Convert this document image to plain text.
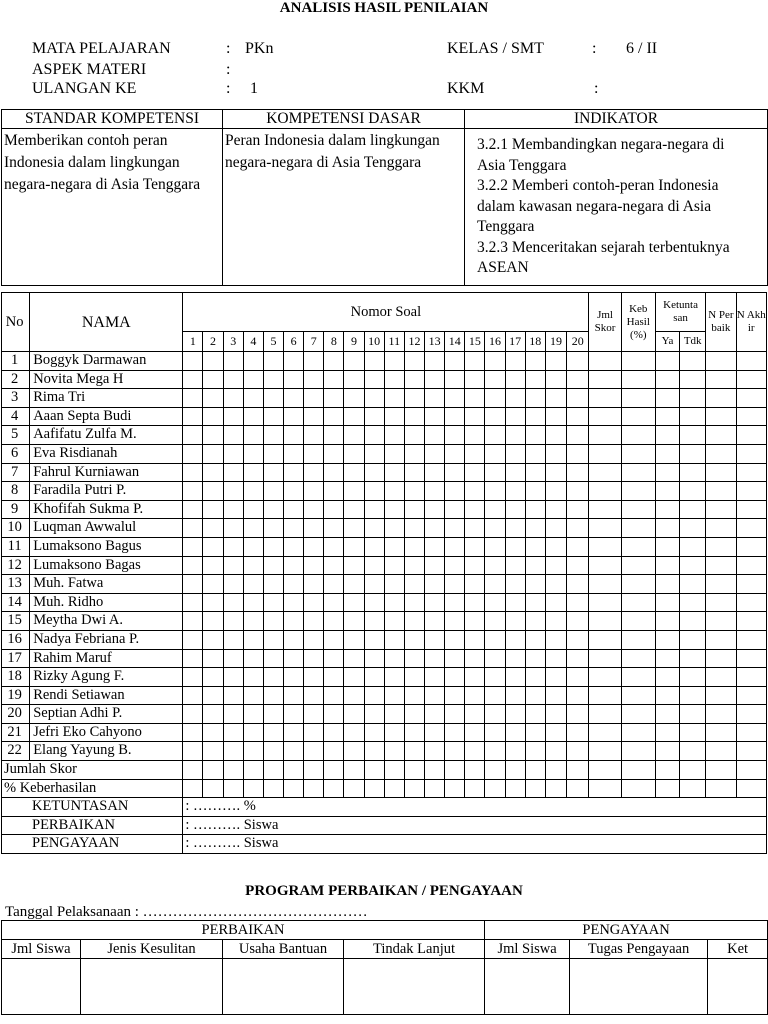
ANALISIS HASIL PENILAIAN
MATA PELAJARAN	: PKn	KELAS / SMT	: 6 / II
ASPEK MATERI	:
ULANGAN KE	: 1	KKM	:
STANDAR KOMPETENSI	KOMPETENSI DASAR	INDIKATOR

Memberikan contoh peran Indonesia dalam lingkungan negara-negara di Asia Tenggara	Peran Indonesia dalam lingkungan negara-negara di Asia Tenggara	3.2.1 Membandingkan negara-negara di Asia Tenggara
3.2.2 Memberi contoh-peran Indonesia dalam kawasan negara-negara di Asia Tenggara
3.2.3 Menceritakan sejarah terbentuknya ASEAN
No	NAMA	Nomor Soal																				Jml Skor	Keb Hasil (%)	Ketunta san		N Per baik	N Akh ir
		1	2	3	4	5	6	7	8	9	10	11	12	13	14	15	16	17	18	19	20			Ya	Tdk		
1	Boggyk Darmawan																										
2	Novita Mega H																										
3	Rima Tri																										
4	Aaan Septa Budi																										
5	Aafifatu Zulfa M.																										
6	Eva Risdianah																										
7	Fahrul Kurniawan																										
8	Faradila Putri P.																										
9	Khofifah Sukma P.																										
10	Luqman Awwalul																										
11	Lumaksono Bagus																										
12	Lumaksono Bagas																										
13	Muh. Fatwa																										
14	Muh. Ridho																										
15	Meytha Dwi A.																										
16	Nadya Febriana P.																										
17	Rahim Maruf																										
18	Rizky Agung F.																										
19	Rendi Setiawan																										
20	Septian Adhi P.																										
21	Jefri Eko Cahyono																										
22	Elang Yayung B.																										
Jumlah Skor																											
% Keberhasilan																											
KETUNTASAN		: ………. %																									
PERBAIKAN		: ………. Siswa																									
PENGAYAAN		: ………. Siswa																									
PROGRAM PERBAIKAN / PENGAYAAN
Tanggal Pelaksanaan : ………………………………………
PERBAIKAN				PENGAYAAN		
Jml Siswa	Jenis Kesulitan	Usaha Bantuan	Tindak Lanjut	Jml Siswa	Tugas Pengayaan	Ket
